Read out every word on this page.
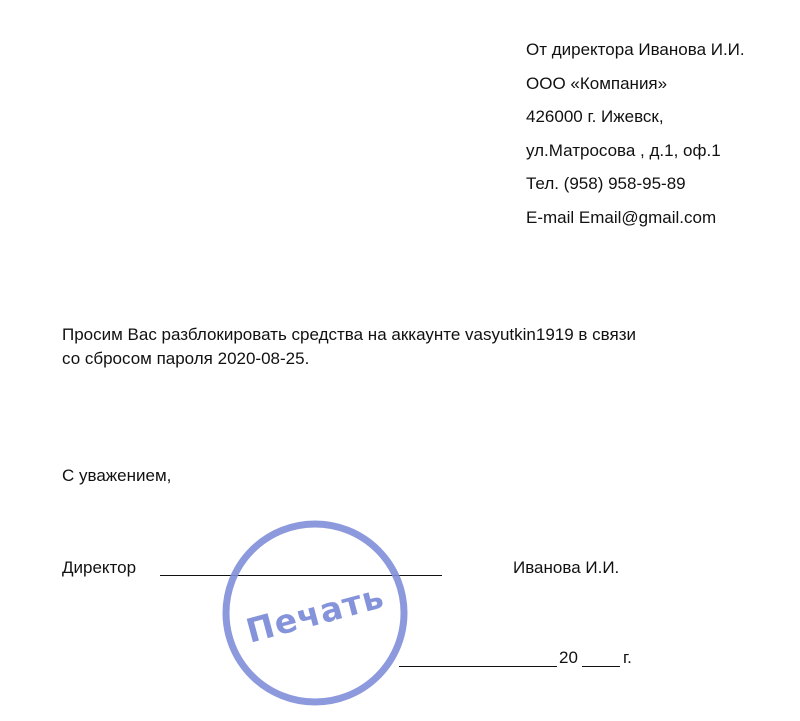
От директора Иванова И.И.
ООО «Компания»
426000 г. Ижевск,
ул.Матросова , д.1, оф.1
Тел. (958) 958-95-89
E-mail Email@gmail.com
Просим Вас разблокировать средства на аккаунте vasyutkin1919 в связи
со сбросом пароля 2020-08-25.
С уважением,
Директор	Иванова И.И.
20	г.
Печать
